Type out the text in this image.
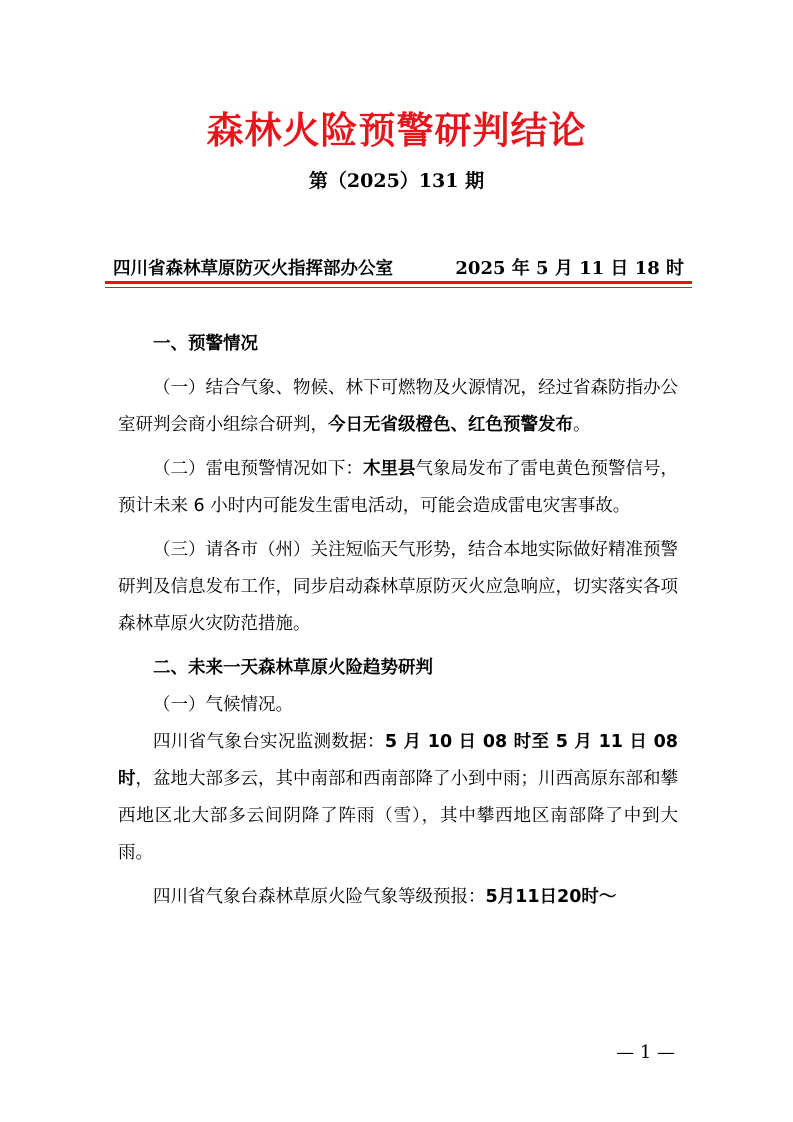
森林火险预警研判结论
第（2025）131 期
四川省森林草原防灭火指挥部办公室	2025 年 5 月 11 日 18 时

一、预警情况

（一）结合气象、物候、林下可燃物及火源情况，经过省森防指办公室研判会商小组综合研判，今日无省级橙色、红色预警发布。

（二）雷电预警情况如下：木里县气象局发布了雷电黄色预警信号，预计未来 6 小时内可能发生雷电活动，可能会造成雷电灾害事故。

（三）请各市（州）关注短临天气形势，结合本地实际做好精准预警研判及信息发布工作，同步启动森林草原防灭火应急响应，切实落实各项森林草原火灾防范措施。

二、未来一天森林草原火险趋势研判

（一）气候情况。

四川省气象台实况监测数据：5 月 10 日 08 时至 5 月 11 日 08 时，盆地大部多云，其中南部和西南部降了小到中雨；川西高原东部和攀西地区北大部多云间阴降了阵雨（雪），其中攀西地区南部降了中到大雨。

四川省气象台森林草原火险气象等级预报：5月11日20时～

— 1 —
